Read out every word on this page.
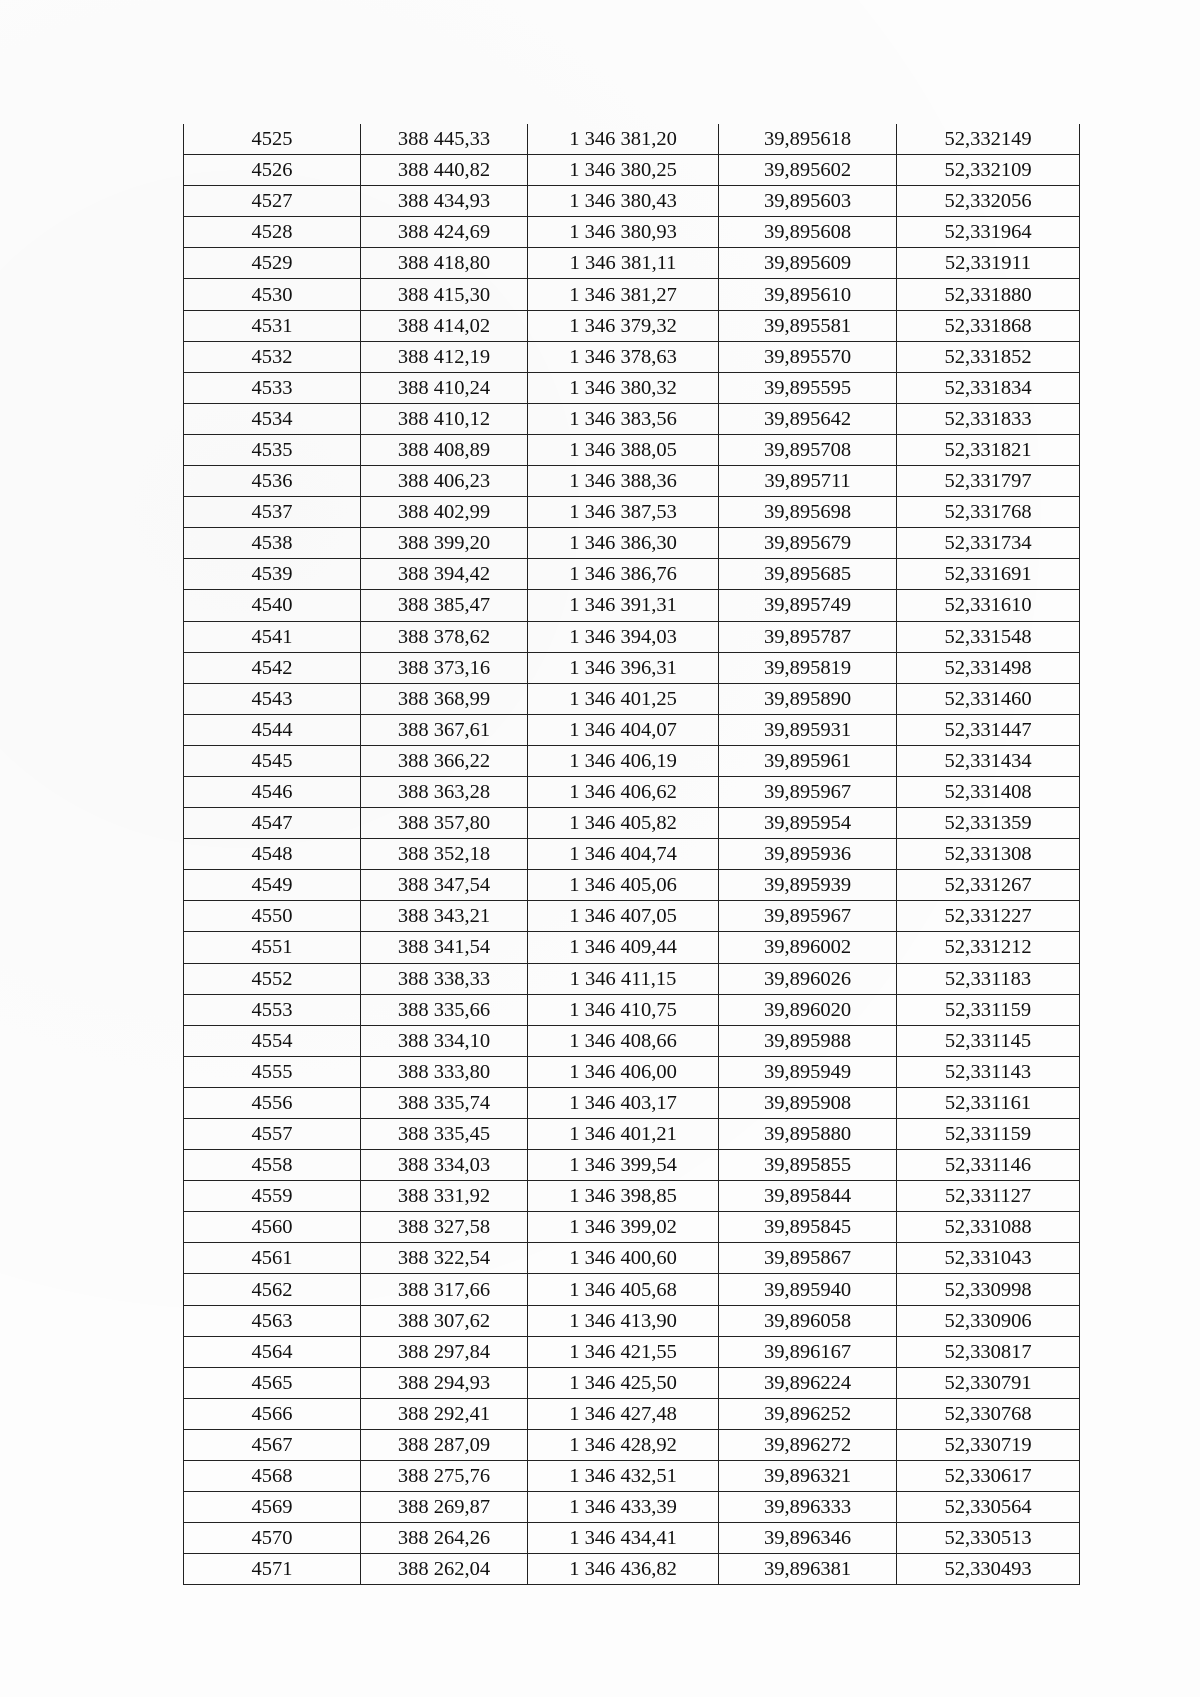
4525	388 445,33	1 346 381,20	39,895618	52,332149
4526	388 440,82	1 346 380,25	39,895602	52,332109
4527	388 434,93	1 346 380,43	39,895603	52,332056
4528	388 424,69	1 346 380,93	39,895608	52,331964
4529	388 418,80	1 346 381,11	39,895609	52,331911
4530	388 415,30	1 346 381,27	39,895610	52,331880
4531	388 414,02	1 346 379,32	39,895581	52,331868
4532	388 412,19	1 346 378,63	39,895570	52,331852
4533	388 410,24	1 346 380,32	39,895595	52,331834
4534	388 410,12	1 346 383,56	39,895642	52,331833
4535	388 408,89	1 346 388,05	39,895708	52,331821
4536	388 406,23	1 346 388,36	39,895711	52,331797
4537	388 402,99	1 346 387,53	39,895698	52,331768
4538	388 399,20	1 346 386,30	39,895679	52,331734
4539	388 394,42	1 346 386,76	39,895685	52,331691
4540	388 385,47	1 346 391,31	39,895749	52,331610
4541	388 378,62	1 346 394,03	39,895787	52,331548
4542	388 373,16	1 346 396,31	39,895819	52,331498
4543	388 368,99	1 346 401,25	39,895890	52,331460
4544	388 367,61	1 346 404,07	39,895931	52,331447
4545	388 366,22	1 346 406,19	39,895961	52,331434
4546	388 363,28	1 346 406,62	39,895967	52,331408
4547	388 357,80	1 346 405,82	39,895954	52,331359
4548	388 352,18	1 346 404,74	39,895936	52,331308
4549	388 347,54	1 346 405,06	39,895939	52,331267
4550	388 343,21	1 346 407,05	39,895967	52,331227
4551	388 341,54	1 346 409,44	39,896002	52,331212
4552	388 338,33	1 346 411,15	39,896026	52,331183
4553	388 335,66	1 346 410,75	39,896020	52,331159
4554	388 334,10	1 346 408,66	39,895988	52,331145
4555	388 333,80	1 346 406,00	39,895949	52,331143
4556	388 335,74	1 346 403,17	39,895908	52,331161
4557	388 335,45	1 346 401,21	39,895880	52,331159
4558	388 334,03	1 346 399,54	39,895855	52,331146
4559	388 331,92	1 346 398,85	39,895844	52,331127
4560	388 327,58	1 346 399,02	39,895845	52,331088
4561	388 322,54	1 346 400,60	39,895867	52,331043
4562	388 317,66	1 346 405,68	39,895940	52,330998
4563	388 307,62	1 346 413,90	39,896058	52,330906
4564	388 297,84	1 346 421,55	39,896167	52,330817
4565	388 294,93	1 346 425,50	39,896224	52,330791
4566	388 292,41	1 346 427,48	39,896252	52,330768
4567	388 287,09	1 346 428,92	39,896272	52,330719
4568	388 275,76	1 346 432,51	39,896321	52,330617
4569	388 269,87	1 346 433,39	39,896333	52,330564
4570	388 264,26	1 346 434,41	39,896346	52,330513
4571	388 262,04	1 346 436,82	39,896381	52,330493
